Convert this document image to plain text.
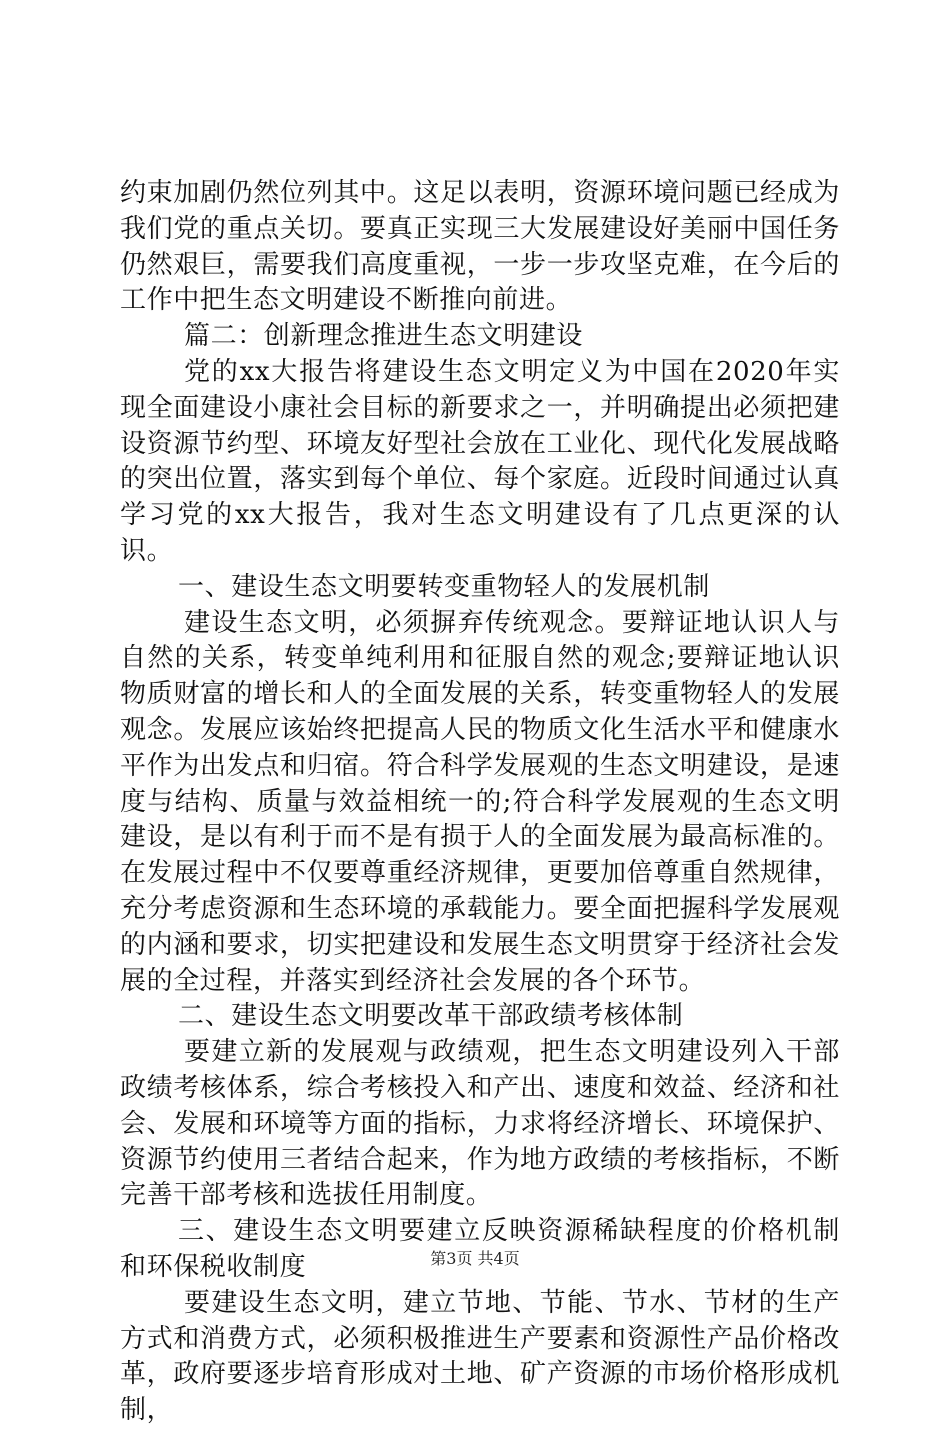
约束加剧仍然位列其中。这足以表明，资源环境问题已经成为我们党的重点关切。要真正实现三大发展建设好美丽中国任务仍然艰巨，需要我们高度重视，一步一步攻坚克难，在今后的工作中把生态文明建设不断推向前进。

篇二：创新理念推进生态文明建设

党的xx大报告将建设生态文明定义为中国在2020年实现全面建设小康社会目标的新要求之一，并明确提出必须把建设资源节约型、环境友好型社会放在工业化、现代化发展战略的突出位置，落实到每个单位、每个家庭。近段时间通过认真学习党的xx大报告，我对生态文明建设有了几点更深的认识。

一、建设生态文明要转变重物轻人的发展机制

建设生态文明，必须摒弃传统观念。要辩证地认识人与自然的关系，转变单纯利用和征服自然的观念;要辩证地认识物质财富的增长和人的全面发展的关系，转变重物轻人的发展观念。发展应该始终把提高人民的物质文化生活水平和健康水平作为出发点和归宿。符合科学发展观的生态文明建设，是速度与结构、质量与效益相统一的;符合科学发展观的生态文明建设，是以有利于而不是有损于人的全面发展为最高标准的。在发展过程中不仅要尊重经济规律，更要加倍尊重自然规律，充分考虑资源和生态环境的承载能力。要全面把握科学发展观的内涵和要求，切实把建设和发展生态文明贯穿于经济社会发展的全过程，并落实到经济社会发展的各个环节。

二、建设生态文明要改革干部政绩考核体制

要建立新的发展观与政绩观，把生态文明建设列入干部政绩考核体系，综合考核投入和产出、速度和效益、经济和社会、发展和环境等方面的指标，力求将经济增长、环境保护、资源节约使用三者结合起来，作为地方政绩的考核指标，不断完善干部考核和选拔任用制度。

三、建设生态文明要建立反映资源稀缺程度的价格机制和环保税收制度

要建设生态文明，建立节地、节能、节水、节材的生产方式和消费方式，必须积极推进生产要素和资源性产品价格改革，政府要逐步培育形成对土地、矿产资源的市场价格形成机制，

第3页 共4页
